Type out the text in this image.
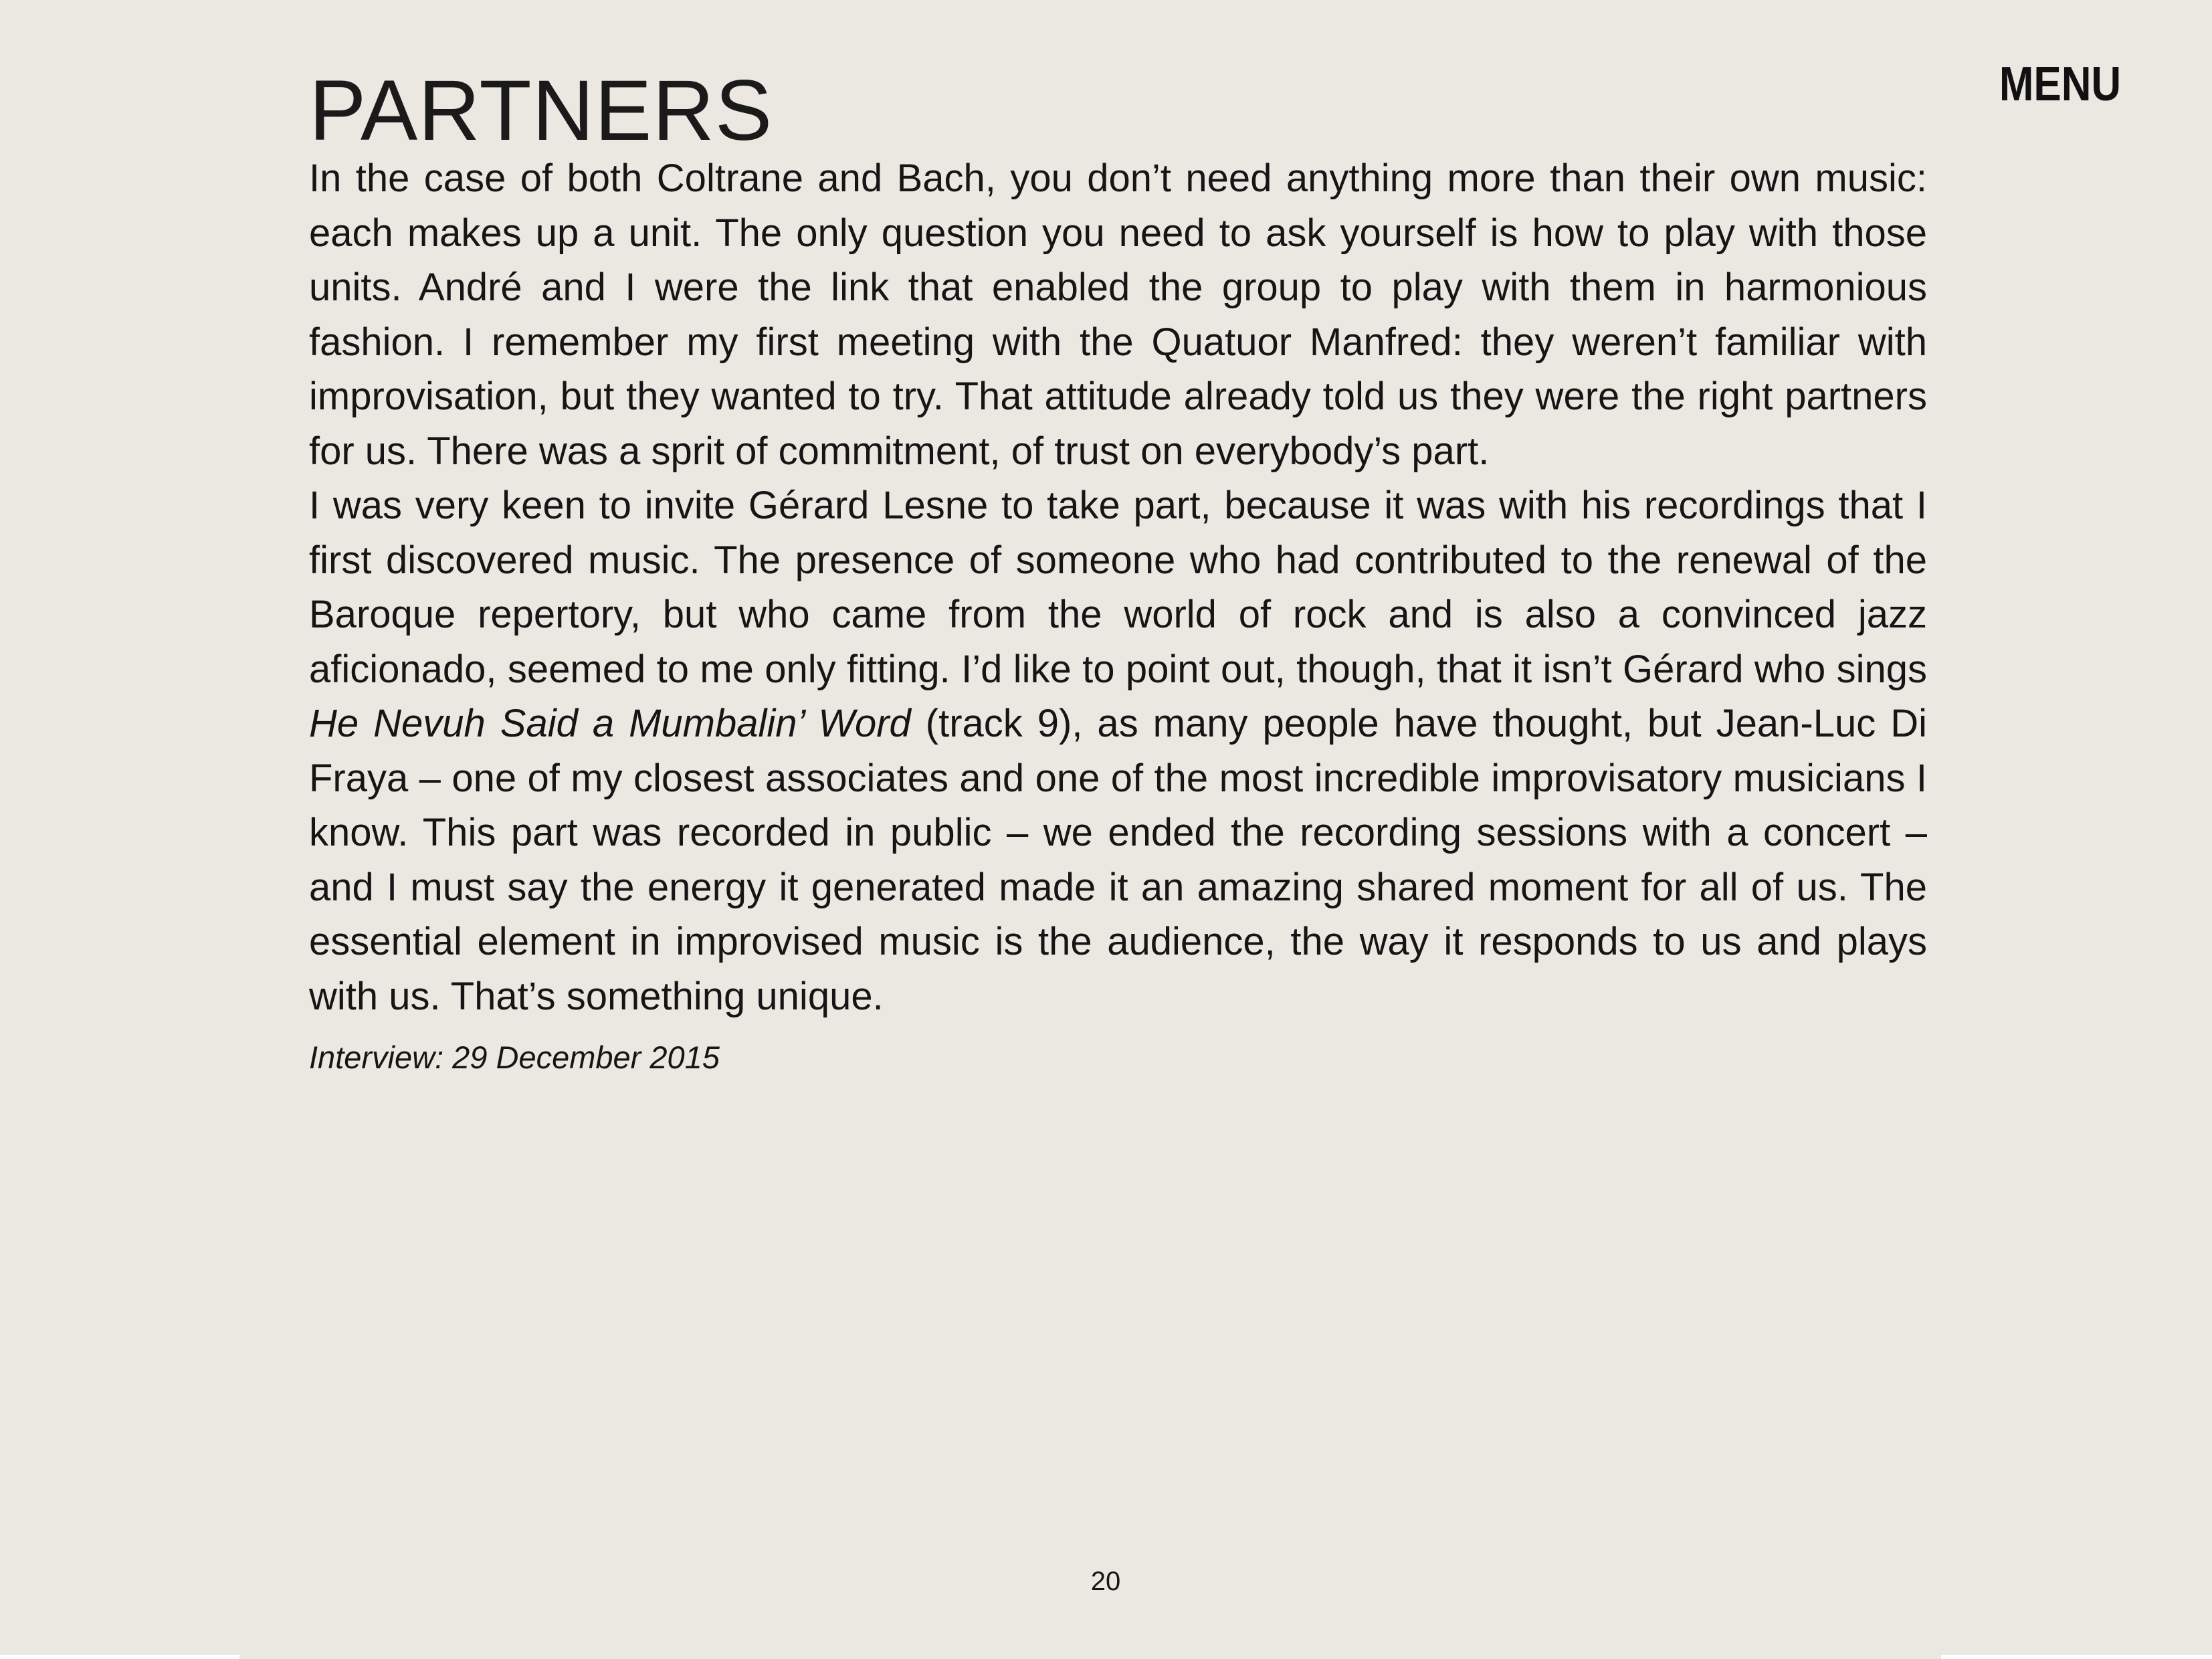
PARTNERS	MENU

In the case of both Coltrane and Bach, you don’t need anything more than their own music: each makes up a unit. The only question you need to ask yourself is how to play with those units. André and I were the link that enabled the group to play with them in harmonious fashion. I remember my first meeting with the Quatuor Manfred: they weren’t familiar with improvisation, but they wanted to try. That attitude already told us they were the right partners for us. There was a sprit of commitment, of trust on everybody’s part.

I was very keen to invite Gérard Lesne to take part, because it was with his recordings that I first discovered music. The presence of someone who had contributed to the renewal of the Baroque repertory, but who came from the world of rock and is also a convinced jazz aficionado, seemed to me only fitting. I’d like to point out, though, that it isn’t Gérard who sings He Nevuh Said a Mumbalin’ Word (track 9), as many people have thought, but Jean-Luc Di Fraya – one of my closest associates and one of the most incredible improvisatory musicians I know. This part was recorded in public – we ended the recording sessions with a concert – and I must say the energy it generated made it an amazing shared moment for all of us. The essential element in improvised music is the audience, the way it responds to us and plays with us. That’s something unique.

Interview: 29 December 2015
20
